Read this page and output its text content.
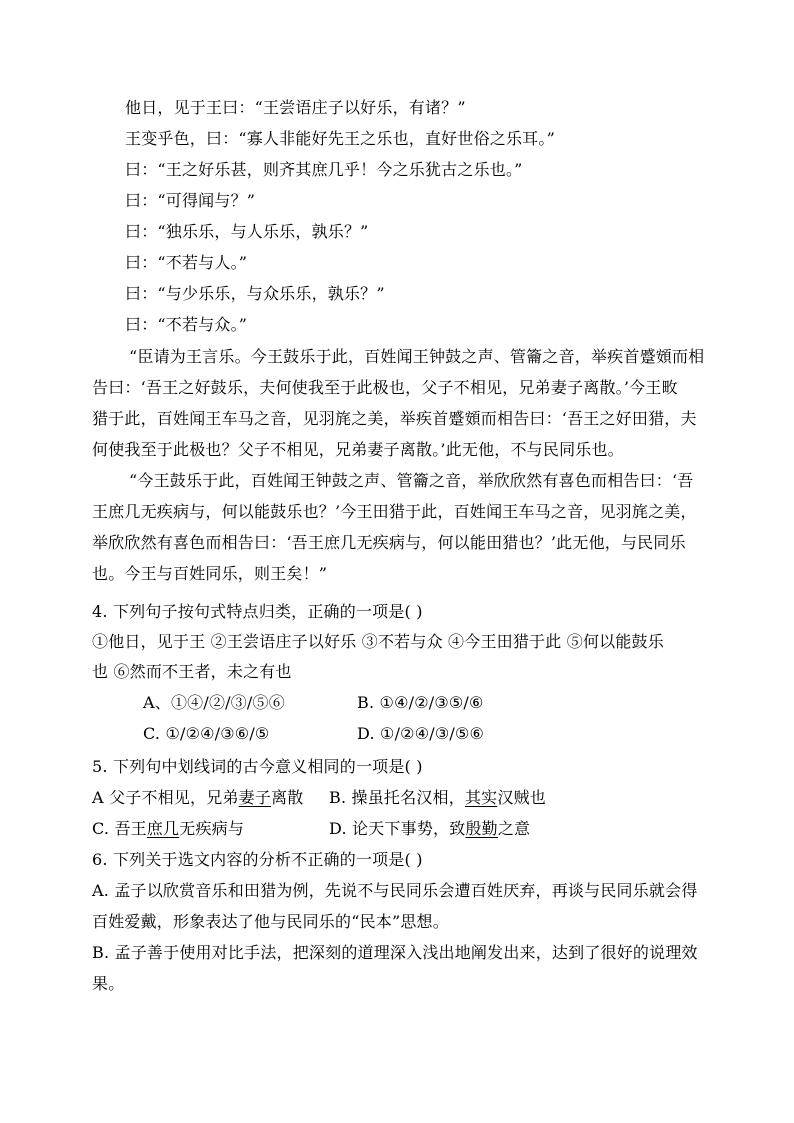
他日，见于王曰：“王尝语庄子以好乐，有诸？”
王变乎色，曰：“寡人非能好先王之乐也，直好世俗之乐耳。”
曰：“王之好乐甚，则齐其庶几乎！今之乐犹古之乐也。”
曰：“可得闻与？”
曰：“独乐乐，与人乐乐，孰乐？”
曰：“不若与人。”
曰：“与少乐乐，与众乐乐，孰乐？”
曰：“不若与众。”
“臣请为王言乐。今王鼓乐于此，百姓闻王钟鼓之声、管籥之音，举疾首蹙頞而相
告曰：‘吾王之好鼓乐，夫何使我至于此极也，父子不相见，兄弟妻子离散。’今王畋
猎于此，百姓闻王车马之音，见羽旄之美，举疾首蹙頞而相告曰：‘吾王之好田猎，夫
何使我至于此极也？父子不相见，兄弟妻子离散。’此无他，不与民同乐也。
“今王鼓乐于此，百姓闻王钟鼓之声、管籥之音，举欣欣然有喜色而相告曰：‘吾
王庶几无疾病与，何以能鼓乐也？’今王田猎于此，百姓闻王车马之音，见羽旄之美，
举欣欣然有喜色而相告曰：‘吾王庶几无疾病与，何以能田猎也？’此无他，与民同乐
也。今王与百姓同乐，则王矣！”
4. 下列句子按句式特点归类，正确的一项是( )
①他日，见于王 ②王尝语庄子以好乐 ③不若与众 ④今王田猎于此 ⑤何以能鼓乐
也 ⑥然而不王者，未之有也
A、①④/②/③/⑤⑥	B. ①④/②/③⑤/⑥
C. ①/②④/③⑥/⑤	D. ①/②④/③/⑤⑥
5. 下列句中划线词的古今意义相同的一项是( )
A 父子不相见，兄弟妻子离散 B. 操虽托名汉相，其实汉贼也
C. 吾王庶几无疾病与	D. 论天下事势，致殷勤之意
6. 下列关于选文内容的分析不正确的一项是( )
A. 孟子以欣赏音乐和田猎为例，先说不与民同乐会遭百姓厌弃，再谈与民同乐就会得
百姓爱戴，形象表达了他与民同乐的“民本”思想。
B. 孟子善于使用对比手法，把深刻的道理深入浅出地阐发出来，达到了很好的说理效
果。
